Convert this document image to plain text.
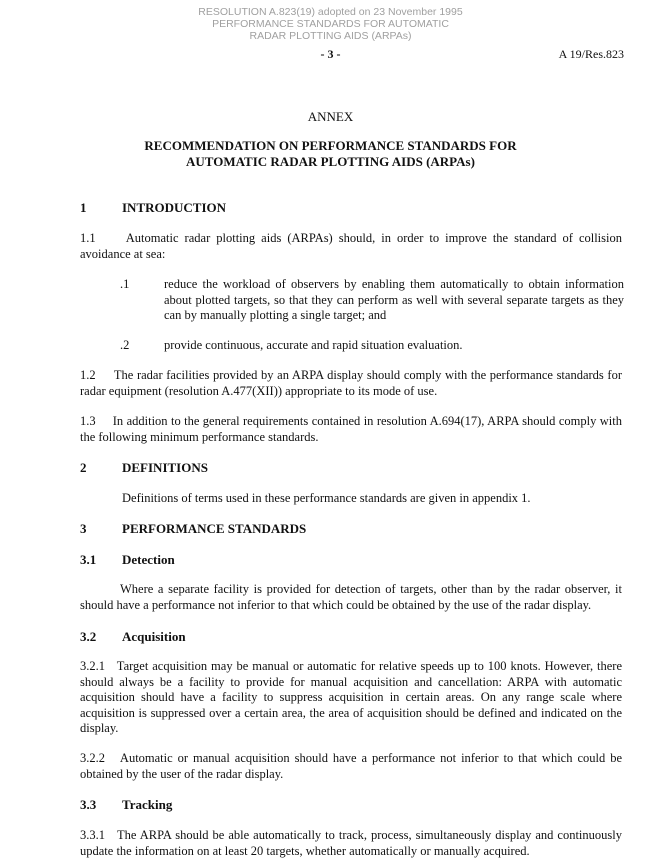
RESOLUTION A.823(19) adopted on 23 November 1995
PERFORMANCE STANDARDS FOR AUTOMATIC
RADAR PLOTTING AIDS (ARPAs)
- 3 -	A 19/Res.823
ANNEX
RECOMMENDATION ON PERFORMANCE STANDARDS FOR
AUTOMATIC RADAR PLOTTING AIDS (ARPAs)
1	INTRODUCTION

1.1     Automatic radar plotting aids (ARPAs) should, in order to improve the standard of collision avoidance at sea:

.1	reduce the workload of observers by enabling them automatically to obtain information about plotted targets, so that they can perform as well with several separate targets as they can by manually plotting a single target; and

.2	provide continuous, accurate and rapid situation evaluation.

1.2     The radar facilities provided by an ARPA display should comply with the performance standards for radar equipment (resolution A.477(XII)) appropriate to its mode of use.

1.3     In addition to the general requirements contained in resolution A.694(17), ARPA should comply with the following minimum performance standards.

2	DEFINITIONS

Definitions of terms used in these performance standards are given in appendix 1.

3	PERFORMANCE STANDARDS
3.1 Detection

Where a separate facility is provided for detection of targets, other than by the radar observer, it should have a performance not inferior to that which could be obtained by the use of the radar display.

3.2 Acquisition

3.2.1   Target acquisition may be manual or automatic for relative speeds up to 100 knots. However, there should always be a facility to provide for manual acquisition and cancellation: ARPA with automatic acquisition should have a facility to suppress acquisition in certain areas. On any range scale where acquisition is suppressed over a certain area, the area of acquisition should be defined and indicated on the display.

3.2.2   Automatic or manual acquisition should have a performance not inferior to that which could be obtained by the user of the radar display.

3.3 Tracking

3.3.1   The ARPA should be able automatically to track, process, simultaneously display and continuously update the information on at least 20 targets, whether automatically or manually acquired.
